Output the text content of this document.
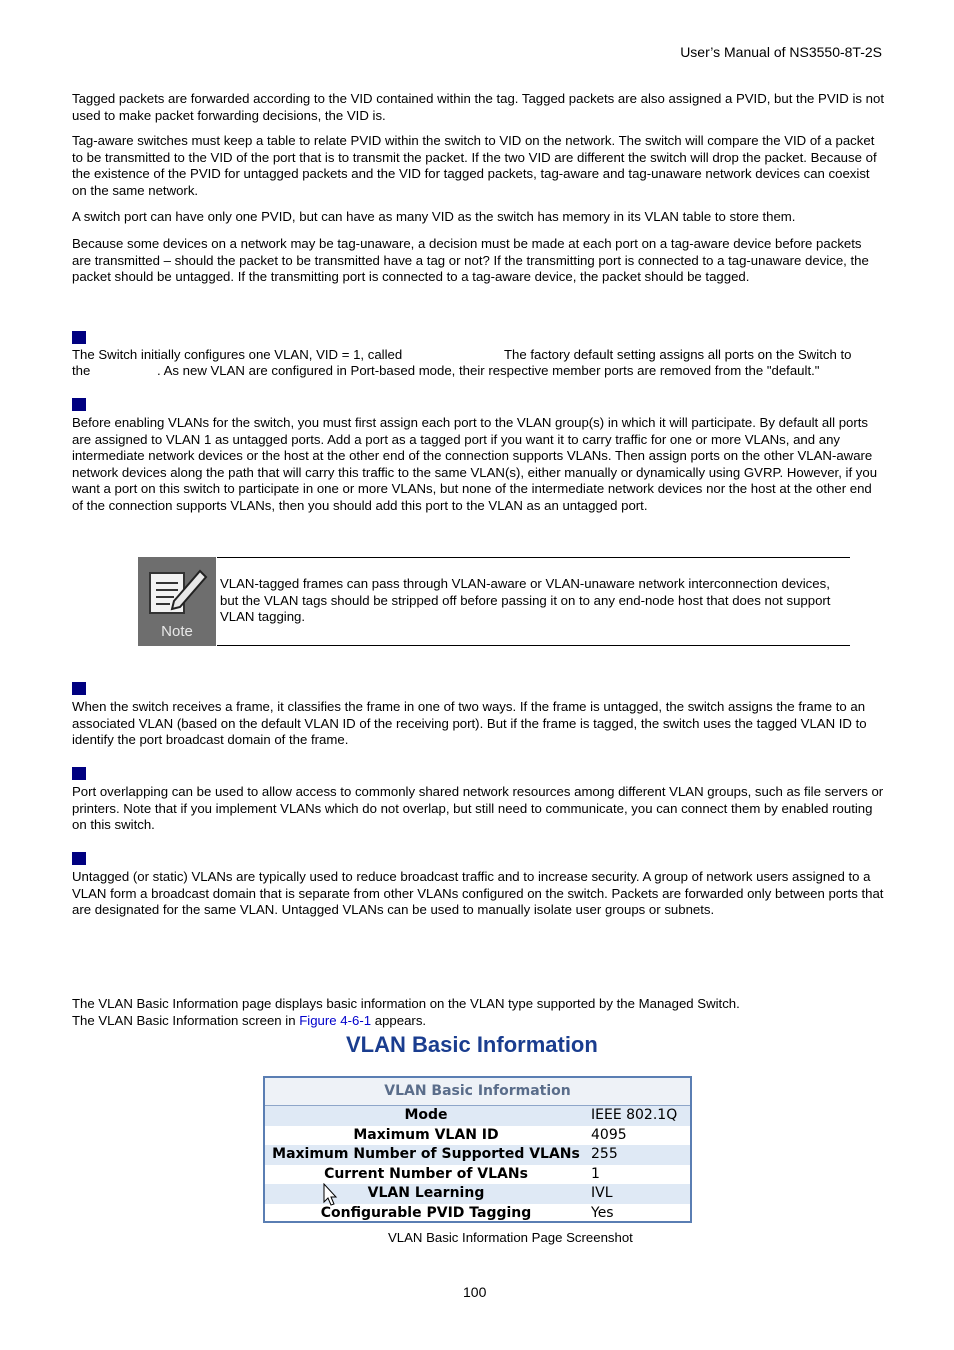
User’s Manual of NS3550-8T-2S

Tagged packets are forwarded according to the VID contained within the tag. Tagged packets are also assigned a PVID, but the PVID is not used to make packet forwarding decisions, the VID is.

Tag-aware switches must keep a table to relate PVID within the switch to VID on the network. The switch will compare the VID of a packet to be transmitted to the VID of the port that is to transmit the packet. If the two VID are different the switch will drop the packet. Because of the existence of the PVID for untagged packets and the VID for tagged packets, tag-aware and tag-unaware network devices can coexist on the same network.

A switch port can have only one PVID, but can have as many VID as the switch has memory in its VLAN table to store them.

Because some devices on a network may be tag-unaware, a decision must be made at each port on a tag-aware device before packets are transmitted – should the packet to be transmitted have a tag or not? If the transmitting port is connected to a tag-unaware device, the packet should be untagged. If the transmitting port is connected to a tag-aware device, the packet should be tagged.

The Switch initially configures one VLAN, VID = 1, called	The factory default setting assigns all ports on the Switch to
the	. As new VLAN are configured in Port-based mode, their respective member ports are removed from the "default."

Before enabling VLANs for the switch, you must first assign each port to the VLAN group(s) in which it will participate. By default all ports are assigned to VLAN 1 as untagged ports. Add a port as a tagged port if you want it to carry traffic for one or more VLANs, and any intermediate network devices or the host at the other end of the connection supports VLANs. Then assign ports on the other VLAN-aware network devices along the path that will carry this traffic to the same VLAN(s), either manually or dynamically using GVRP. However, if you want a port on this switch to participate in one or more VLANs, but none of the intermediate network devices nor the host at the other end of the connection supports VLANs, then you should add this port to the VLAN as an untagged port.

Note
VLAN-tagged frames can pass through VLAN-aware or VLAN-unaware network interconnection devices, but the VLAN tags should be stripped off before passing it on to any end-node host that does not support VLAN tagging.

When the switch receives a frame, it classifies the frame in one of two ways. If the frame is untagged, the switch assigns the frame to an associated VLAN (based on the default VLAN ID of the receiving port). But if the frame is tagged, the switch uses the tagged VLAN ID to identify the port broadcast domain of the frame.

Port overlapping can be used to allow access to commonly shared network resources among different VLAN groups, such as file servers or printers. Note that if you implement VLANs which do not overlap, but still need to communicate, you can connect them by enabled routing on this switch.

Untagged (or static) VLANs are typically used to reduce broadcast traffic and to increase security. A group of network users assigned to a VLAN form a broadcast domain that is separate from other VLANs configured on the switch. Packets are forwarded only between ports that are designated for the same VLAN. Untagged VLANs can be used to manually isolate user groups or subnets.

The VLAN Basic Information page displays basic information on the VLAN type supported by the Managed Switch.
The VLAN Basic Information screen in Figure 4-6-1 appears.
VLAN Basic Information
VLAN Basic Information
Mode	IEEE 802.1Q
Maximum VLAN ID	4095
Maximum Number of Supported VLANs 255
Current Number of VLANs	1
VLAN Learning	IVL
Configurable PVID Tagging	Yes
VLAN Basic Information Page Screenshot
100
